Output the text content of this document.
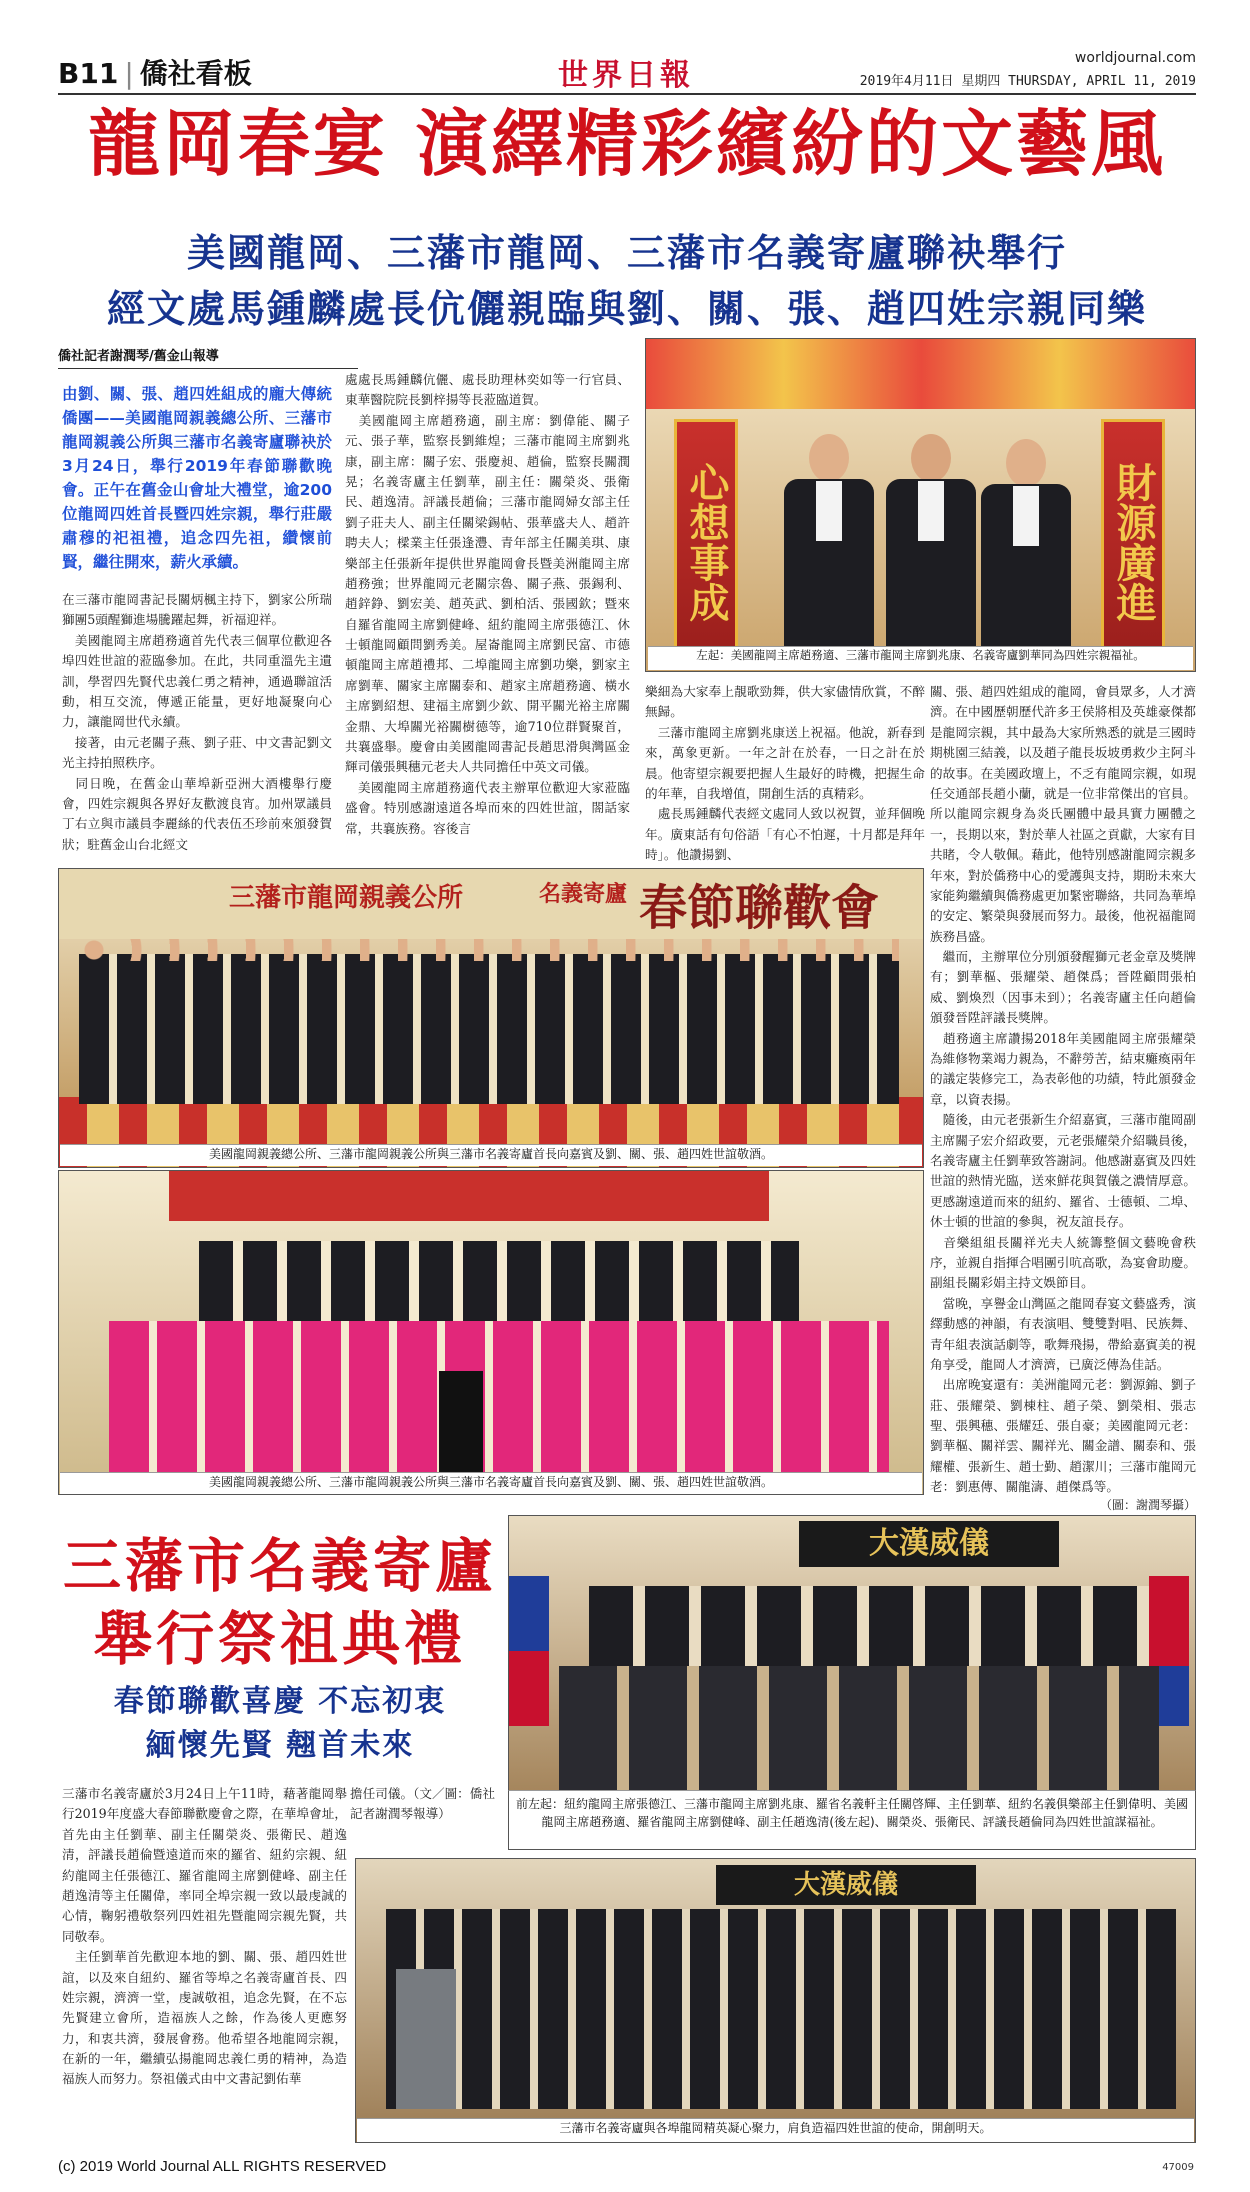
B11 | 僑社看板	世界日報	worldjournal.com
2019年4月11日 星期四 THURSDAY, APRIL 11, 2019
龍岡春宴 演繹精彩繽紛的文藝風
美國龍岡、三藩市龍岡、三藩市名義寄廬聯袂舉行
經文處馬鍾麟處長伉儷親臨與劉、關、張、趙四姓宗親同樂
僑社記者謝潤琴/舊金山報導
由劉、關、張、趙四姓組成的龐大傳統僑團——美國龍岡親義總公所、三藩市龍岡親義公所與三藩市名義寄廬聯袂於3月24日，舉行2019年春節聯歡晚會。正午在舊金山會址大禮堂，逾200位龍岡四姓首長暨四姓宗親，舉行莊嚴肅穆的祀祖禮，追念四先祖，纘懷前賢，繼往開來，薪火承續。
在三藩市龍岡書記長關炳楓主持下，劉家公所瑞獅團5頭醒獅進場騰躍起舞，祈福迎祥。
　美國龍岡主席趙務適首先代表三個單位歡迎各埠四姓世誼的蒞臨參加。在此，共同重溫先主遺訓，學習四先賢代忠義仁勇之精神，通過聯誼活動，相互交流，傳遞正能量，更好地凝聚向心力，讓龍岡世代永續。
　接著，由元老關子燕、劉子莊、中文書記劉文光主持拍照秩序。
　同日晚，在舊金山華埠新亞洲大酒樓舉行慶會，四姓宗親與各界好友歡渡良宵。加州眾議員丁右立與市議員李麗絲的代表伍丕珍前來頒發賀狀；駐舊金山台北經文
處處長馬鍾麟伉儷、處長助理林奕如等一行官員、東華醫院院長劉梓揚等長蒞臨道賀。
　美國龍岡主席趙務適，副主席：劉偉能、關子元、張子華，監察長劉維煌；三藩市龍岡主席劉兆康，副主席：關子宏、張慶昶、趙倫，監察長關潤晃；名義寄廬主任劉華，副主任：關榮炎、張衛民、趙逸清。評議長趙倫；三藩市龍岡婦女部主任劉子莊夫人、副主任關梁錫帖、張華盛夫人、趙許聘夫人；樑業主任張逢灃、青年部主任關美琪、康樂部主任張新年提供世界龍岡會長暨美洲龍岡主席趙務強；世界龍岡元老關宗魯、關子燕、張錫利、趙鋅錚、劉宏美、趙英武、劉柏活、張國欽；暨來自羅省龍岡主席劉健峰、紐約龍岡主席張德江、休士頓龍岡顧問劉秀美。屋崙龍岡主席劉民富、市德頓龍岡主席趙禮邦、二埠龍岡主席劉功樂，劉家主席劉華、關家主席關泰和、趙家主席趙務適、橫水主席劉紹想、建福主席劉少欽、開平關光裕主席關金鼎、大埠關光裕關樹德等，逾710位群賢聚首，共襄盛舉。慶會由美國龍岡書記長趙思滑與灣區金輝司儀張興穗元老夫人共同擔任中英文司儀。
　美國龍岡主席趙務適代表主辦單位歡迎大家蒞臨盛會。特別感謝遠道各埠而來的四姓世誼，閤話家常，共襄族務。容後言
樂細為大家奉上靚歌勁舞，供大家儘情欣賞，不醉無歸。
　三藩市龍岡主席劉兆康送上祝福。他說，新春到來，萬象更新。一年之計在於春，一日之計在於晨。他寄望宗親要把握人生最好的時機，把握生命的年華，自我增值，開創生活的真精彩。
　處長馬鍾麟代表經文處同人致以祝賀，並拜個晚年。廣東話有句俗語「有心不怕遲，十月都是拜年時」。他讚揚劉、
關、張、趙四姓組成的龍岡，會員眾多，人才濟濟。在中國歷朝歷代許多王侯將相及英雄豪傑都是龍岡宗親，其中最為大家所熟悉的就是三國時期桃園三結義，以及趙子龍長坂坡勇救少主阿斗的故事。在美國政壇上，不乏有龍岡宗親，如現任交通部長趙小蘭，就是一位非常傑出的官員。所以龍岡宗親身為炎氏團體中最具實力團體之一，長期以來，對於華人社區之貢獻，大家有目共睹，令人敬佩。藉此，他特別感謝龍岡宗親多年來，對於僑務中心的愛護與支持，期盼未來大家能夠繼續與僑務處更加緊密聯絡，共同為華埠的安定、繁榮與發展而努力。最後，他祝福龍岡族務昌盛。
　繼而，主辦單位分別頒發醒獅元老金章及獎牌有；劉華樞、張耀榮、趙傑爲；晉陞顧問張柏威、劉煥烈（因事未到）；名義寄廬主任向趙倫頒發晉陞評議長獎牌。
　趙務適主席讚揚2018年美國龍岡主席張耀榮為維修物業竭力親為，不辭勞苦，結束癱瘓兩年的議定裝修完工，為表彰他的功績，特此頒發金章，以資表揚。
　隨後，由元老張新生介紹嘉賓，三藩市龍岡副主席關子宏介紹政要，元老張耀榮介紹職員後，名義寄廬主任劉華致答謝詞。他感謝嘉賓及四姓世誼的熱情光臨，送來鮮花與賀儀之濃情厚意。更感謝遠道而來的紐約、羅省、士德頓、二埠、休士頓的世誼的參與，祝友誼長存。
　音樂組組長關祥光夫人統籌整個文藝晚會秩序，並親自指揮合唱團引吭高歌，為宴會助慶。副組長關彩娟主持文娛節目。
　當晚，享譽金山灣區之龍岡春宴文藝盛秀，演繹動感的神韻，有表演唱、雙雙對唱、民族舞、青年組表演話劇等，歌舞飛揚，帶給嘉賓美的視角享受，龍岡人才濟濟，已廣泛傳為佳話。
　出席晚宴還有：美洲龍岡元老：劉源錦、劉子莊、張耀榮、劉棟柱、趙子榮、劉榮相、張志聖、張興穗、張耀廷、張自豪；美國龍岡元老：劉華樞、關祥雲、關祥光、關金譜、關泰和、張耀權、張新生、趙士勤、趙潔川；三藩市龍岡元老：劉惠傳、關龍濤、趙傑爲等。
（圖：謝潤琴攝）
心想事成	財源廣進
左起：美國龍岡主席趙務適、三藩市龍岡主席劉兆康、名義寄廬劉華同為四姓宗親福祉。
三藩市龍岡親義公所	名義寄廬 春節聯歡會
美國龍岡親義總公所、三藩市龍岡親義公所與三藩市名義寄廬首長向嘉賓及劉、關、張、趙四姓世誼敬酒。
美國龍岡親義總公所、三藩市龍岡親義公所與三藩市名義寄廬首長向嘉賓及劉、關、張、趙四姓世誼敬酒。
三藩市名義寄廬
舉行祭祖典禮
春節聯歡喜慶 不忘初衷
緬懷先賢 翹首未來
三藩市名義寄廬於3月24日上午11時，藉著龍岡舉行2019年度盛大春節聯歡慶會之際，在華埠會址，首先由主任劉華、副主任關榮炎、張衛民、趙逸清，評議長趙倫暨遠道而來的羅省、紐約宗親、紐約龍岡主任張德江、羅省龍岡主席劉健峰、副主任趙逸清等主任關偉，率同全埠宗親一致以最虔誠的心情，鞠躬禮敬祭列四姓祖先暨龍岡宗親先賢，共同敬奉。
　主任劉華首先歡迎本地的劉、關、張、趙四姓世誼，以及來自紐約、羅省等埠之名義寄廬首長、四姓宗親，濟濟一堂，虔誠敬祖，追念先賢，在不忘先賢建立會所，造福族人之餘，作為後人更應努力，和衷共濟，發展會務。他希望各地龍岡宗親，在新的一年，繼續弘揚龍岡忠義仁勇的精神，為造福族人而努力。祭祖儀式由中文書記劉佑華
擔任司儀。（文／圖：僑社記者謝潤琴報導）
大漢威儀
前左起：紐約龍岡主席張德江、三藩市龍岡主席劉兆康、羅省名義軒主任關啓輝、主任劉華、紐約名義俱樂部主任劉偉明、美國龍岡主席趙務適、羅省龍岡主席劉健峰、副主任趙逸清(後左起)、關榮炎、張衛民、評議長趙倫同為四姓世誼謀福祉。
大漢威儀
三藩市名義寄廬與各埠龍岡精英凝心聚力，肩負造福四姓世誼的使命，開創明天。
(c) 2019 World Journal ALL RIGHTS RESERVED	47009
